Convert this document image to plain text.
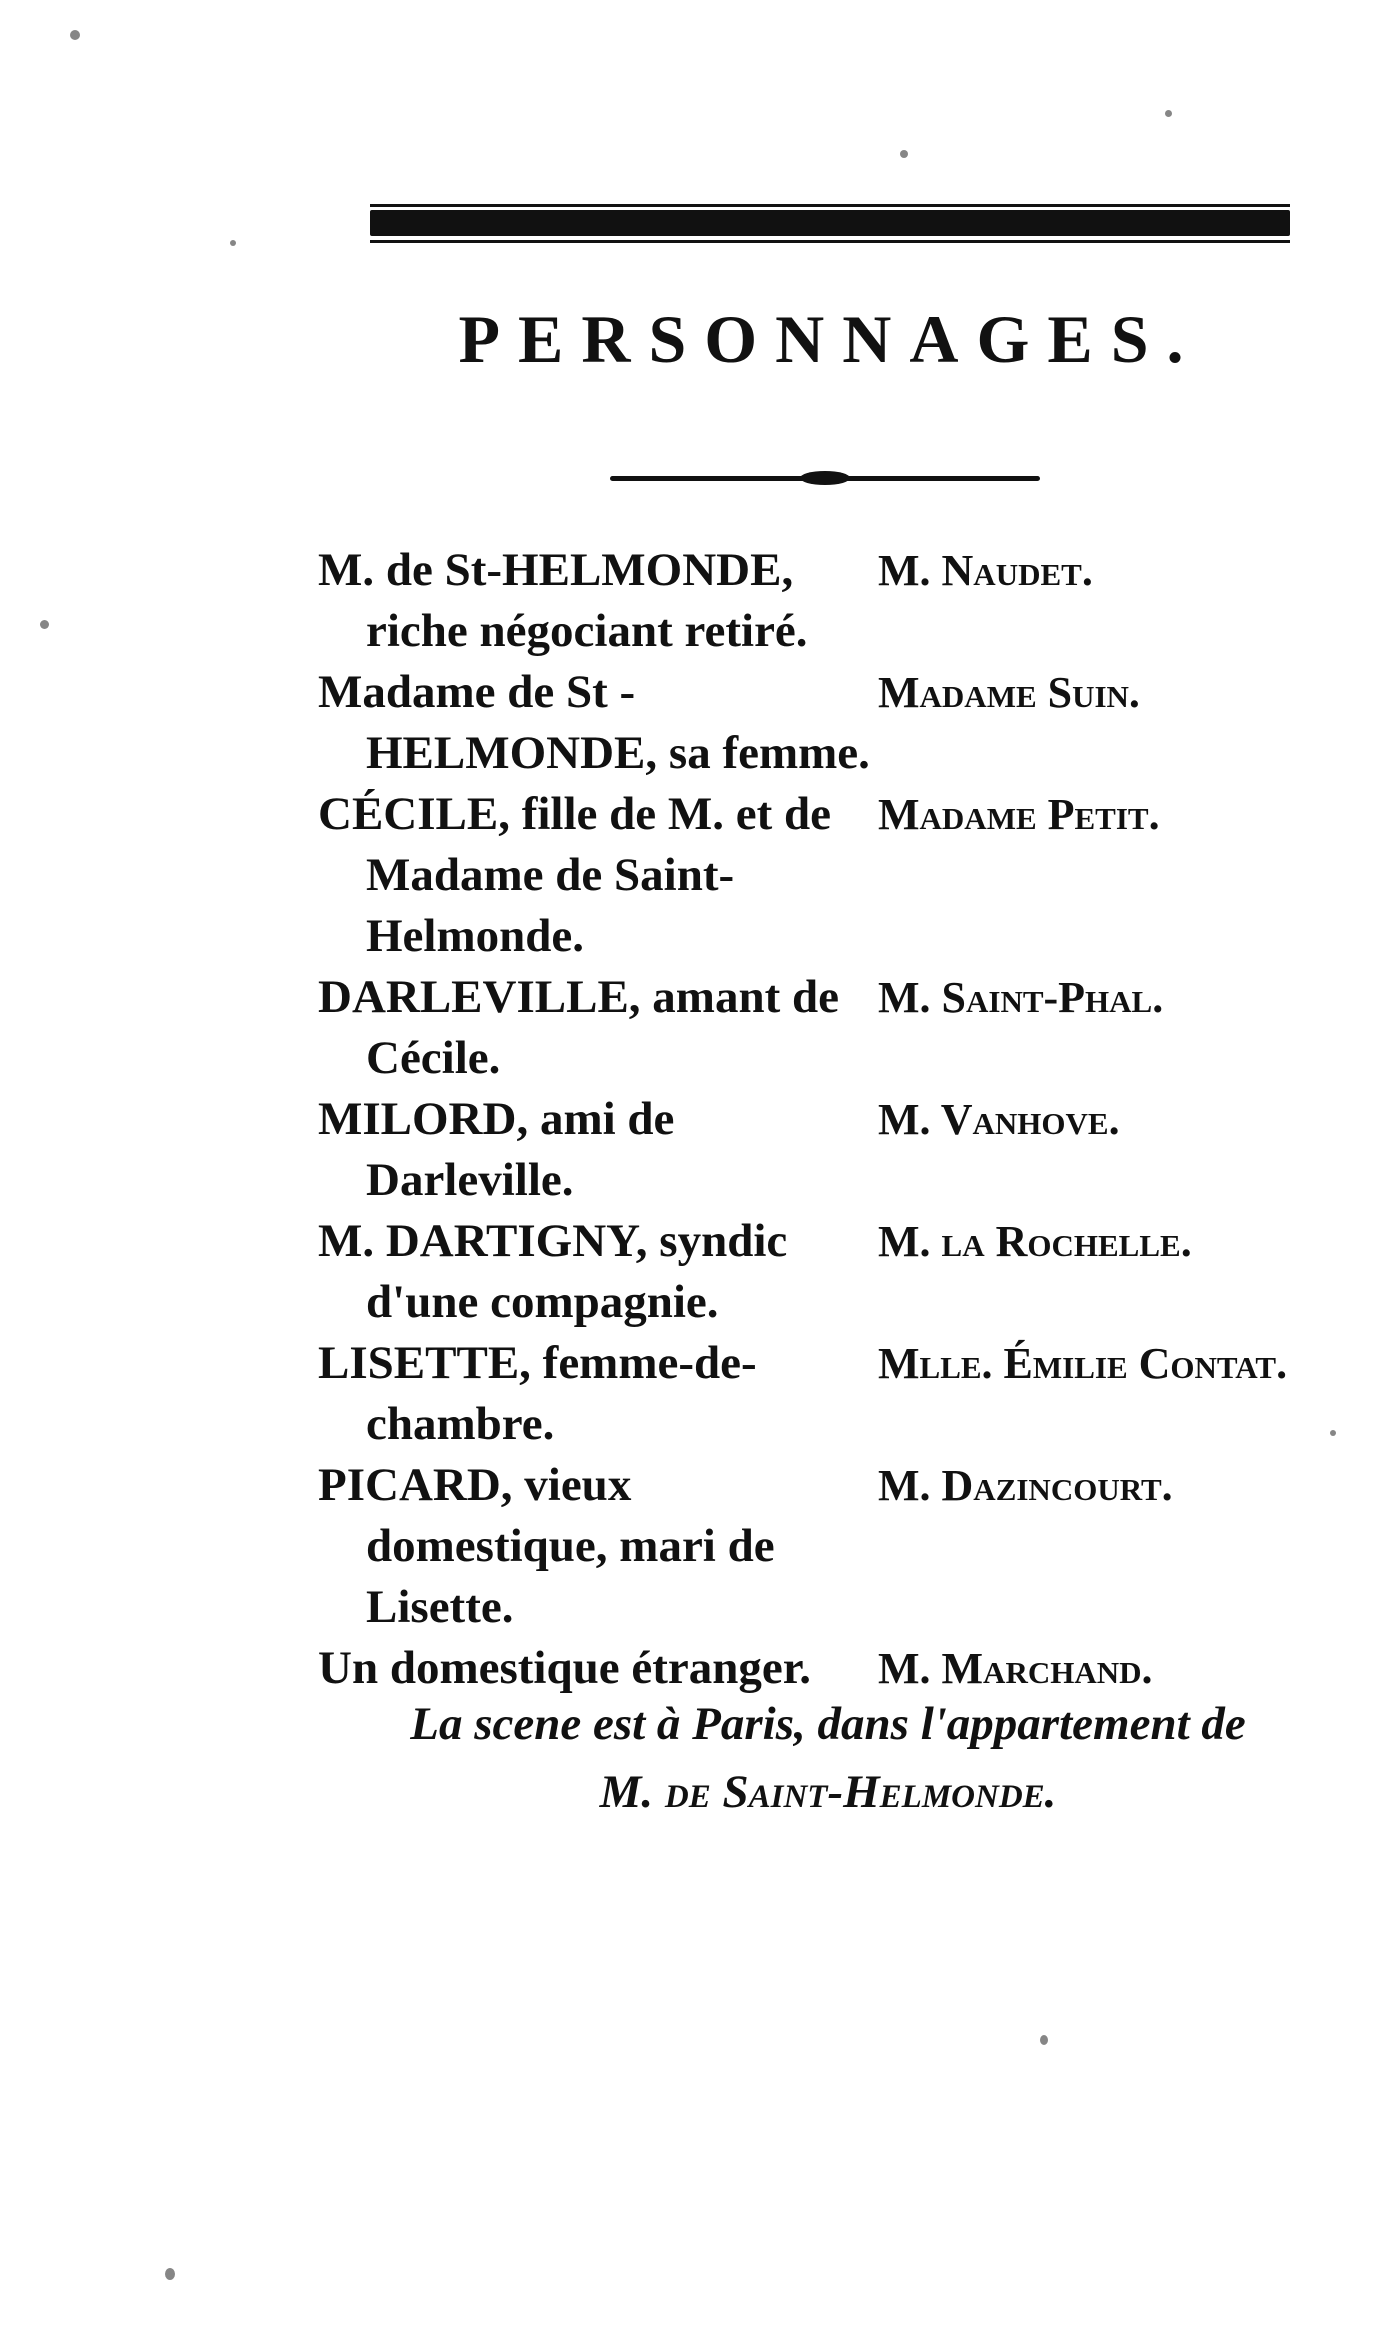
PERSONNAGES.
M. de St-HELMONDE, riche négociant retiré.
M. Naudet.
Madame de St - HELMONDE, sa femme.
Madame Suin.
CÉCILE, fille de M. et de Madame de Saint-Helmonde.
Madame Petit.
DARLEVILLE, amant de Cécile.
M. Saint-Phal.
MILORD, ami de Darleville.
M. Vanhove.
M. DARTIGNY, syndic d'une compagnie.
M. la Rochelle.
LISETTE, femme-de-chambre.
Mlle. Émilie Contat.
PICARD, vieux domestique, mari de Lisette.
M. Dazincourt.
Un domestique étranger.	M. Marchand.

La scene est à Paris, dans l'appartement de
M. de Saint-Helmonde.
